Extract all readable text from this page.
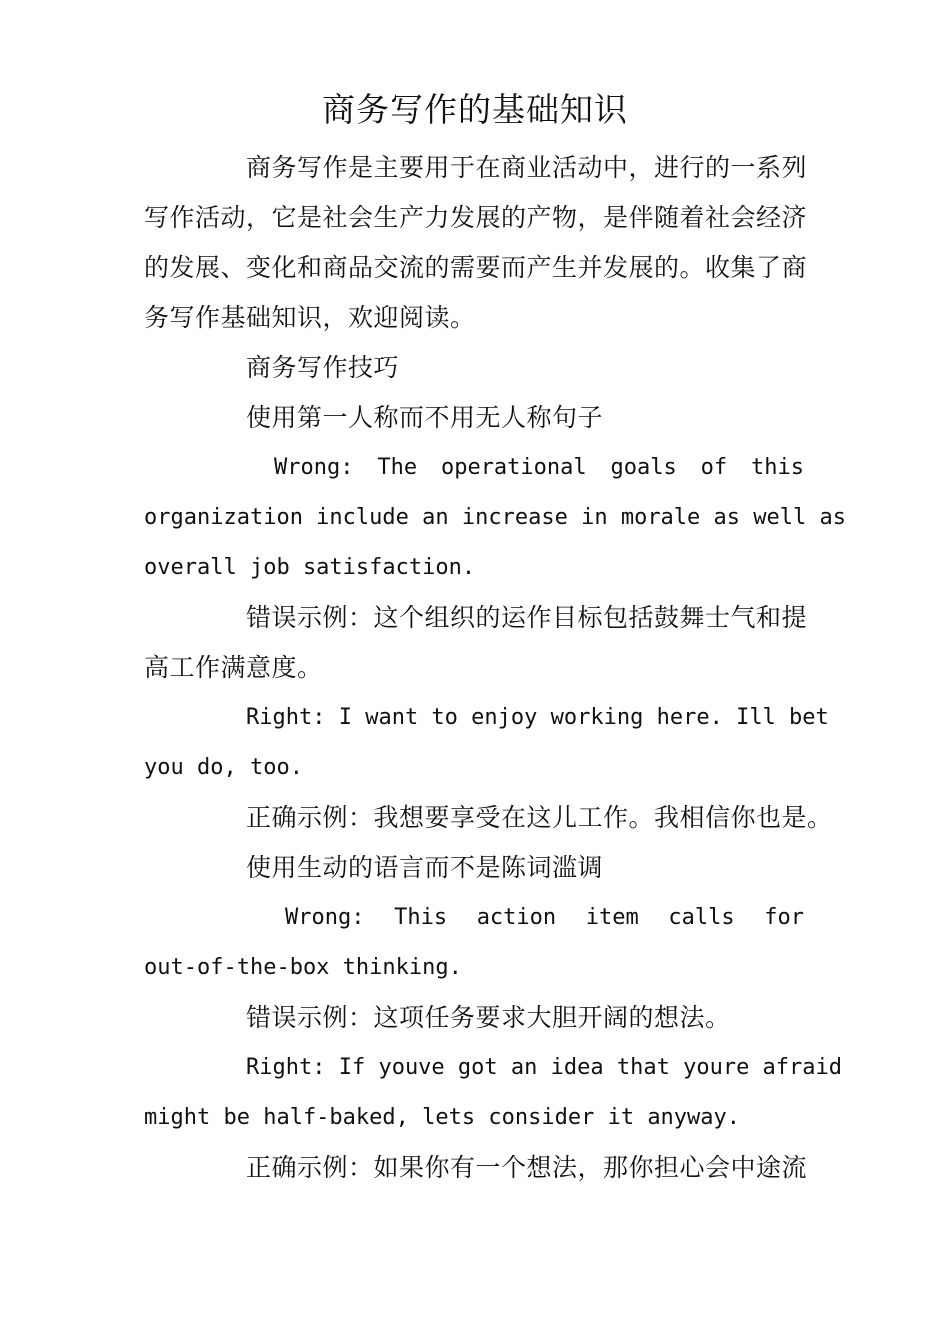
商务写作的基础知识
商务写作是主要用于在商业活动中，进行的一系列
写作活动，它是社会生产力发展的产物，是伴随着社会经济
的发展、变化和商品交流的需要而产生并发展的。收集了商
务写作基础知识，欢迎阅读。
商务写作技巧
使用第一人称而不用无人称句子
Wrong: The operational goals of this
organization include an increase in morale as well as
overall job satisfaction.
错误示例：这个组织的运作目标包括鼓舞士气和提
高工作满意度。
Right: I want to enjoy working here. Ill bet
you do, too.
正确示例：我想要享受在这儿工作。我相信你也是。
使用生动的语言而不是陈词滥调
Wrong: This action item calls for
out-of-the-box thinking.
错误示例：这项任务要求大胆开阔的想法。
Right: If youve got an idea that youre afraid
might be half-baked, lets consider it anyway.
正确示例：如果你有一个想法，那你担心会中途流
